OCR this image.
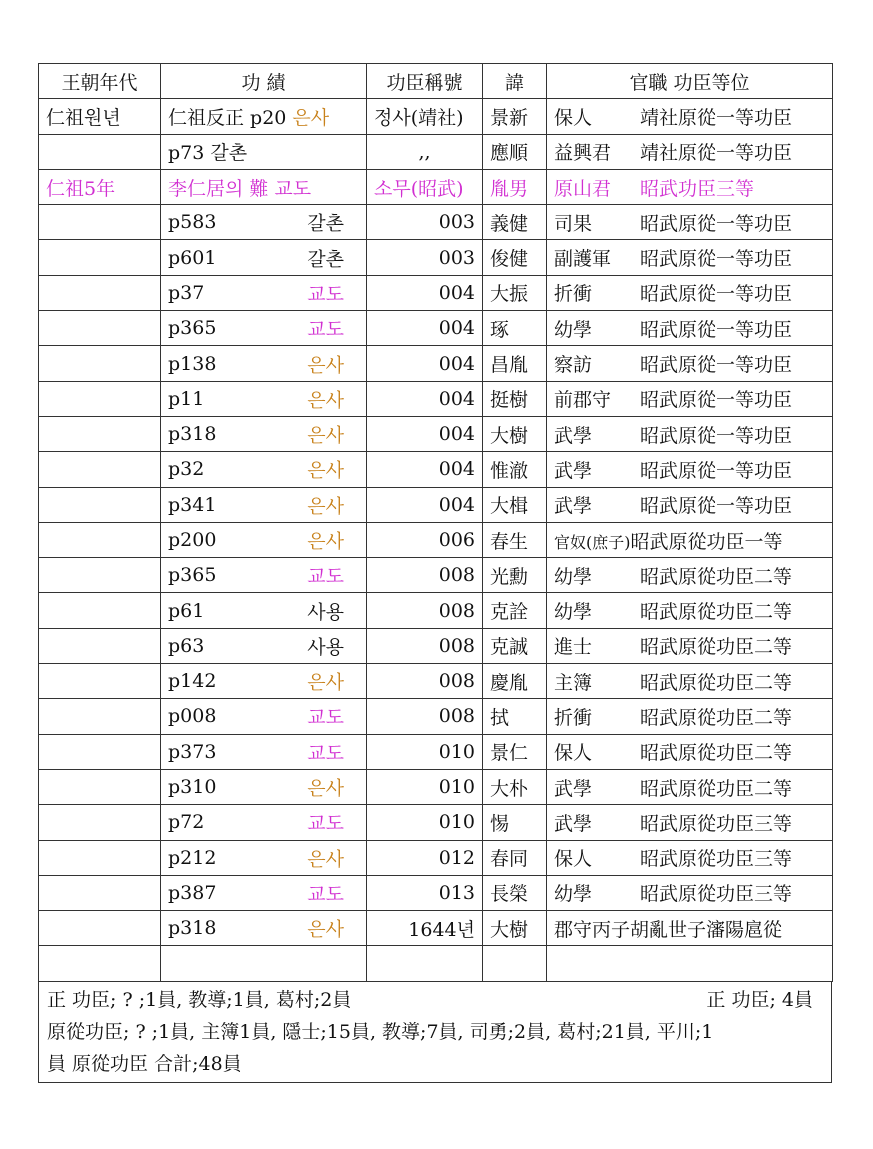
王朝年代	功 績	功臣稱號	諱	官職 功臣等位
仁祖원년	仁祖反正 p20 은사	정사(靖社)	景新	保人 靖社原從一等功臣
	p73 갈촌	,,	應順	益興君 靖社原從一等功臣
仁祖5年	李仁居의 難 교도	소무(昭武)	胤男	原山君 昭武功臣三等

	p583 갈촌	003	義健	司果 昭武原從一等功臣

	p601 갈촌	003	俊健	副護軍 昭武原從一等功臣

	p37 교도	004	大振	折衝 昭武原從一等功臣

	p365 교도	004	琢	幼學 昭武原從一等功臣

	p138 은사	004	昌胤	察訪 昭武原從一等功臣

	p11 은사	004	挺樹	前郡守 昭武原從一等功臣

	p318 은사	004	大樹	武學 昭武原從一等功臣

	p32 은사	004	惟澈	武學 昭武原從一等功臣

	p341 은사	004	大楫	武學 昭武原從一等功臣

	p200 은사	006	春生	官奴(庶子)昭武原從功臣一等

	p365 교도	008	光勳	幼學 昭武原從功臣二等

	p61 사용	008	克詮	幼學 昭武原從功臣二等

	p63 사용	008	克誠	進士 昭武原從功臣二等

	p142 은사	008	慶胤	主簿 昭武原從功臣二等

	p008 교도	008	拭	折衝 昭武原從功臣二等

	p373 교도	010	景仁	保人 昭武原從功臣二等

	p310 은사	010	大朴	武學 昭武原從功臣二等

	p72 교도	010	惕	武學 昭武原從功臣三等

	p212 은사	012	春同	保人 昭武原從功臣三等

	p387 교도	013	長榮	幼學 昭武原從功臣三等

	p318 은사	1644년	大樹	郡守丙子胡亂世子瀋陽扈從

正 功臣; ? ;1員, 教導;1員, 葛村;2員	正 功臣; 4員
原從功臣; ? ;1員, 主簿1員, 隱士;15員, 教導;7員, 司勇;2員, 葛村;21員, 平川;1
員 原從功臣 合計;48員
